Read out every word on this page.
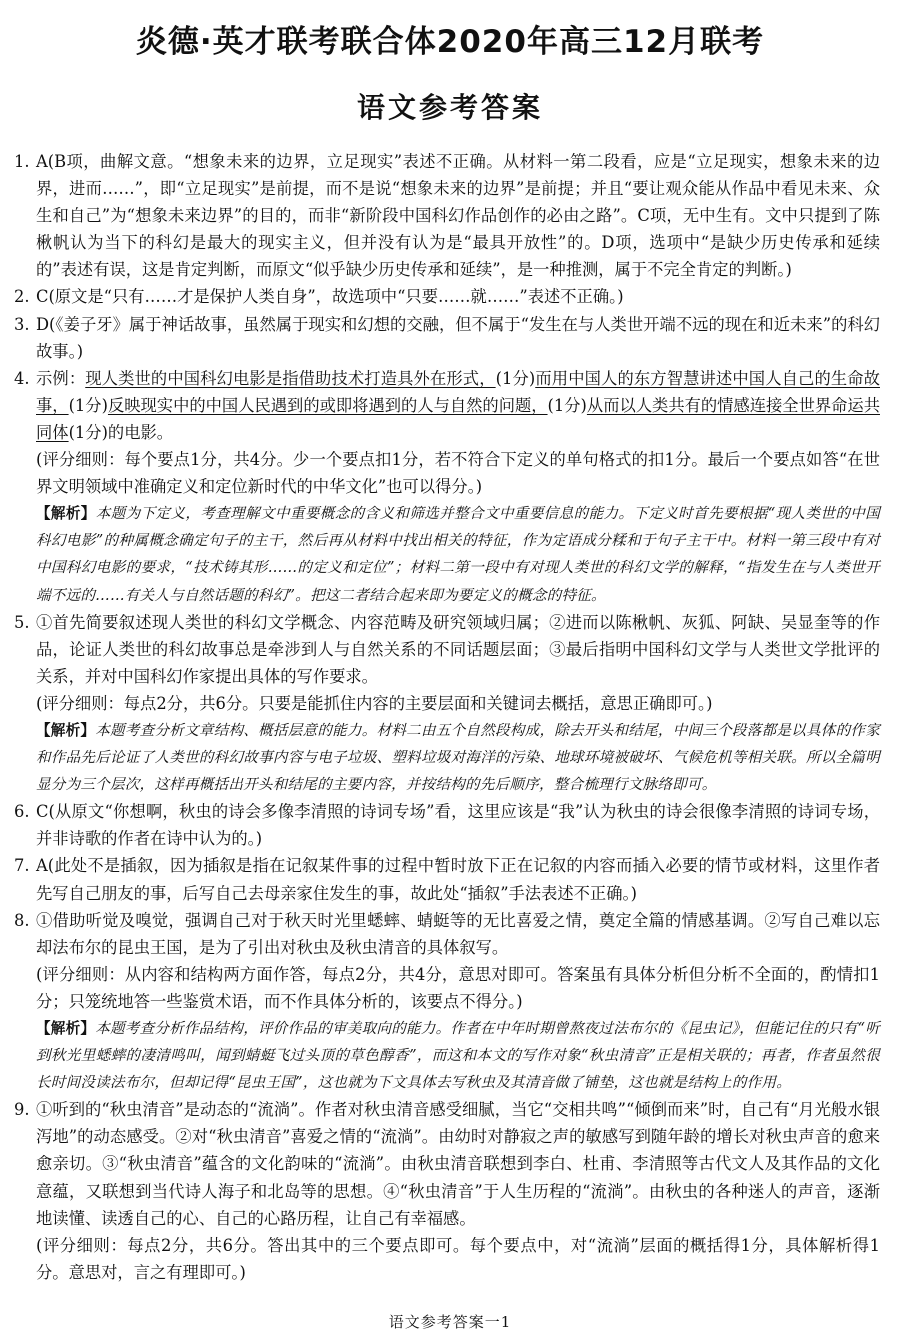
炎德·英才联考联合体2020年高三12月联考
语文参考答案
1. A(B项，曲解文意。“想象未来的边界，立足现实”表述不正确。从材料一第二段看，应是“立足现实，想象未来的边界，进而……”，即“立足现实”是前提，而不是说“想象未来的边界”是前提；并且“要让观众能从作品中看见未来、众生和自己”为“想象未来边界”的目的，而非“新阶段中国科幻作品创作的必由之路”。C项，无中生有。文中只提到了陈楸帆认为当下的科幻是最大的现实主义，但并没有认为是“最具开放性”的。D项，选项中“是缺少历史传承和延续的”表述有误，这是肯定判断，而原文“似乎缺少历史传承和延续”，是一种推测，属于不完全肯定的判断。)

2. C(原文是“只有……才是保护人类自身”，故选项中“只要……就……”表述不正确。)

3. D(《姜子牙》属于神话故事，虽然属于现实和幻想的交融，但不属于“发生在与人类世开端不远的现在和近未来”的科幻故事。)

4. 示例：现人类世的中国科幻电影是指借助技术打造具外在形式，(1分)而用中国人的东方智慧讲述中国人自己的生命故事，(1分)反映现实中的中国人民遇到的或即将遇到的人与自然的问题，(1分)从而以人类共有的情感连接全世界命运共同体(1分)的电影。

(评分细则：每个要点1分，共4分。少一个要点扣1分，若不符合下定义的单句格式的扣1分。最后一个要点如答“在世界文明领域中准确定义和定位新时代的中华文化”也可以得分。)

【解析】本题为下定义，考查理解文中重要概念的含义和筛选并整合文中重要信息的能力。下定义时首先要根据“现人类世的中国科幻电影”的种属概念确定句子的主干，然后再从材料中找出相关的特征，作为定语成分糅和于句子主干中。材料一第三段中有对中国科幻电影的要求，“技术铸其形……的定义和定位”；材料二第一段中有对现人类世的科幻文学的解释，“指发生在与人类世开端不远的……有关人与自然话题的科幻”。把这二者结合起来即为要定义的概念的特征。

5. ①首先简要叙述现人类世的科幻文学概念、内容范畴及研究领域归属；②进而以陈楸帆、灰狐、阿缺、吴显奎等的作品，论证人类世的科幻故事总是牵涉到人与自然关系的不同话题层面；③最后指明中国科幻文学与人类世文学批评的关系，并对中国科幻作家提出具体的写作要求。

(评分细则：每点2分，共6分。只要是能抓住内容的主要层面和关键词去概括，意思正确即可。)

【解析】本题考查分析文章结构、概括层意的能力。材料二由五个自然段构成，除去开头和结尾，中间三个段落都是以具体的作家和作品先后论证了人类世的科幻故事内容与电子垃圾、塑料垃圾对海洋的污染、地球环境被破坏、气候危机等相关联。所以全篇明显分为三个层次，这样再概括出开头和结尾的主要内容，并按结构的先后顺序，整合梳理行文脉络即可。

6. C(从原文“你想啊，秋虫的诗会多像李清照的诗词专场”看，这里应该是“我”认为秋虫的诗会很像李清照的诗词专场，并非诗歌的作者在诗中认为的。)

7. A(此处不是插叙，因为插叙是指在记叙某件事的过程中暂时放下正在记叙的内容而插入必要的情节或材料，这里作者先写自己朋友的事，后写自己去母亲家住发生的事，故此处“插叙”手法表述不正确。)

8. ①借助听觉及嗅觉，强调自己对于秋天时光里蟋蟀、蜻蜓等的无比喜爱之情，奠定全篇的情感基调。②写自己难以忘却法布尔的昆虫王国，是为了引出对秋虫及秋虫清音的具体叙写。

(评分细则：从内容和结构两方面作答，每点2分，共4分，意思对即可。答案虽有具体分析但分析不全面的，酌情扣1分；只笼统地答一些鉴赏术语，而不作具体分析的，该要点不得分。)

【解析】本题考查分析作品结构，评价作品的审美取向的能力。作者在中年时期曾熬夜过法布尔的《昆虫记》，但能记住的只有“听到秋光里蟋蟀的凄清鸣叫，闻到蜻蜓飞过头顶的草色醇香”，而这和本文的写作对象“秋虫清音”正是相关联的；再者，作者虽然很长时间没读法布尔，但却记得“昆虫王国”，这也就为下文具体去写秋虫及其清音做了铺垫，这也就是结构上的作用。

9. ①听到的“秋虫清音”是动态的“流淌”。作者对秋虫清音感受细腻，当它“交相共鸣”“倾倒而来”时，自己有“月光般水银泻地”的动态感受。②对“秋虫清音”喜爱之情的“流淌”。由幼时对静寂之声的敏感写到随年龄的增长对秋虫声音的愈来愈亲切。③“秋虫清音”蕴含的文化韵味的“流淌”。由秋虫清音联想到李白、杜甫、李清照等古代文人及其作品的文化意蕴，又联想到当代诗人海子和北岛等的思想。④“秋虫清音”于人生历程的“流淌”。由秋虫的各种迷人的声音，逐渐地读懂、读透自己的心、自己的心路历程，让自己有幸福感。

(评分细则：每点2分，共6分。答出其中的三个要点即可。每个要点中，对“流淌”层面的概括得1分，具体解析得1分。意思对，言之有理即可。)

语文参考答案一1
